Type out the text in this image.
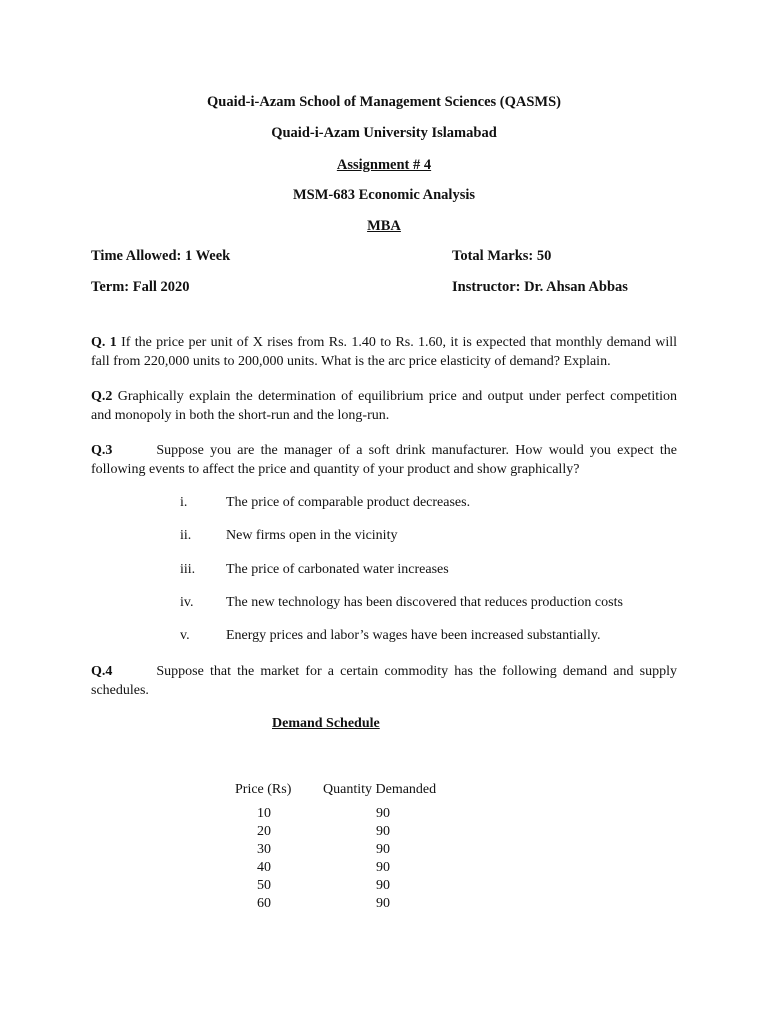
Quaid-i-Azam School of Management Sciences (QASMS)
Quaid-i-Azam University Islamabad
Assignment # 4
MSM-683 Economic Analysis
MBA
Time Allowed: 1 Week	Total Marks: 50
Term: Fall 2020	Instructor: Dr. Ahsan Abbas
Q. 1 If the price per unit of X rises from Rs. 1.40 to Rs. 1.60, it is expected that monthly demand will fall from 220,000 units to 200,000 units. What is the arc price elasticity of demand? Explain.
Q.2 Graphically explain the determination of equilibrium price and output under perfect competition and monopoly in both the short-run and the long-run.
Q.3	Suppose you are the manager of a soft drink manufacturer. How would you expect the following events to affect the price and quantity of your product and show graphically?
i.	The price of comparable product decreases.
ii. New firms open in the vicinity
iii. The price of carbonated water increases
iv. The new technology has been discovered that reduces production costs
v.	Energy prices and labor’s wages have been increased substantially.
Q.4	Suppose that the market for a certain commodity has the following demand and supply schedules.
Demand Schedule
Price (Rs) Quantity Demanded
10	90
20	90
30	90
40	90
50	90
60	90
